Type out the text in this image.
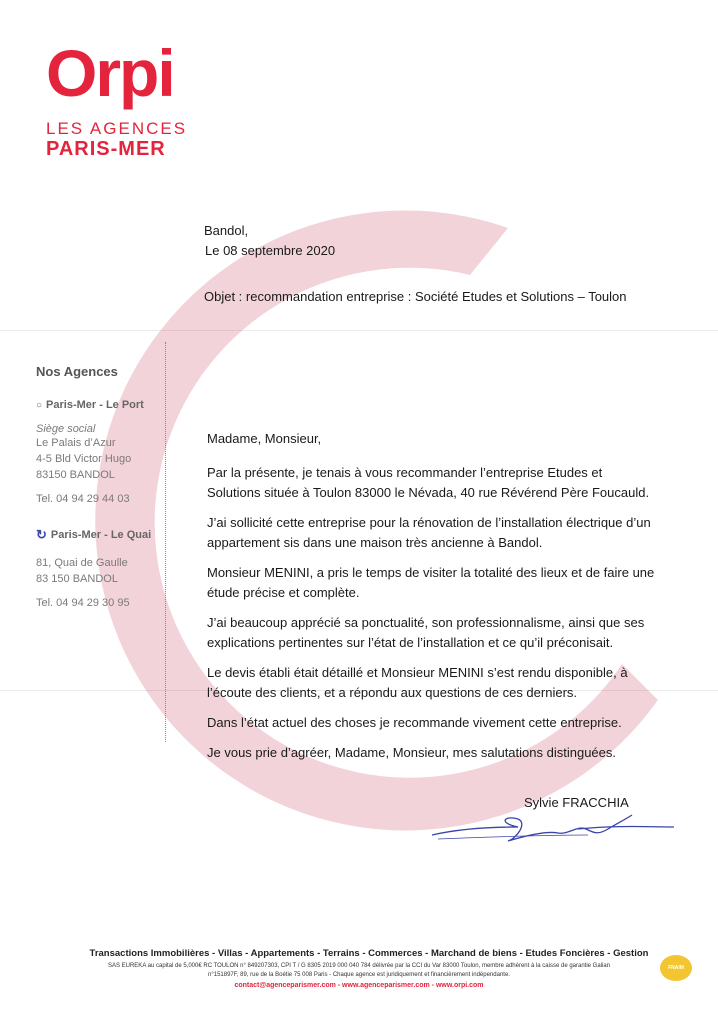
Orpi
LES AGENCES
PARIS-MER
Bandol,
Le 08 septembre 2020
Objet : recommandation entreprise : Société Etudes et Solutions – Toulon
Nos Agences
○ Paris-Mer - Le Port
Siège social
Le Palais d’Azur
4-5 Bld Victor Hugo
83150 BANDOL
Tel. 04 94 29 44 03
↻ Paris-Mer - Le Quai
81, Quai de Gaulle
83 150 BANDOL
Tel. 04 94 29 30 95

Madame, Monsieur,

Par la présente, je tenais à vous recommander l’entreprise Etudes et Solutions située à Toulon 83000 le Névada, 40 rue Révérend Père Foucauld.

J’ai sollicité cette entreprise pour la rénovation de l’installation électrique d’un appartement sis dans une maison très ancienne à Bandol.

Monsieur MENINI, a pris le temps de visiter la totalité des lieux et de faire une étude précise et complète.

J’ai beaucoup apprécié sa ponctualité, son professionnalisme, ainsi que ses explications pertinentes sur l’état de l’installation et ce qu’il préconisait.

Le devis établi était détaillé et Monsieur MENINI s’est rendu disponible, à l’écoute des clients, et a répondu aux questions de ces derniers.

Dans l’état actuel des choses je recommande vivement cette entreprise.

Je vous prie d’agréer, Madame, Monsieur, mes salutations distinguées.

Sylvie FRACCHIA
Transactions Immobilières - Villas - Appartements - Terrains - Commerces - Marchand de biens - Etudes Foncières - Gestion
SAS EUREKA au capital de 5,000€ RC TOULON n° 849207303, CPI T / G 8305 2019 000 040 784 délivrée par la CCI du Var 83000 Toulon, membre adhérent à la caisse de garantie Galian
n°151897F, 89, rue de la Boétie 75 008 Paris - Chaque agence est juridiquement et financièrement indépendante.
contact@agenceparismer.com - www.agenceparismer.com - www.orpi.com
FNAIM
